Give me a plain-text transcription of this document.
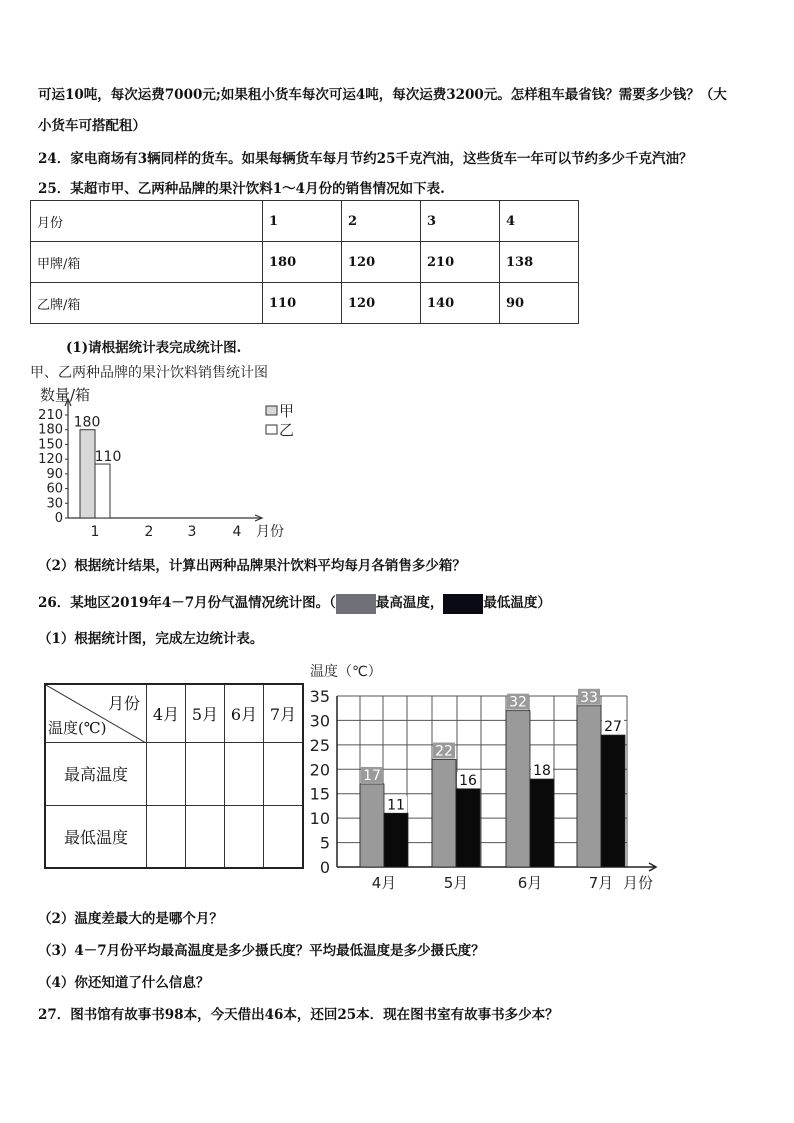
可运10吨，每次运费7000元;如果租小货车每次可运4吨，每次运费3200元。怎样租车最省钱？需要多少钱？（大
小货车可搭配租）
24．家电商场有3辆同样的货车。如果每辆货车每月节约25千克汽油，这些货车一年可以节约多少千克汽油？
25．某超市甲、乙两种品牌的果汁饮料1～4月份的销售情况如下表.
月份	1	2	3	4
甲牌/箱	180	120	210	138
乙牌/箱	110	120	140	90
(1)请根据统计表完成统计图.
甲、乙两种品牌的果汁饮料销售统计图
数量/箱
0
30
60
90
120
150
180
210
1	2 3	4 月份
180
110
甲
乙
（2）根据统计结果，计算出两种品牌果汁饮料平均每月各销售多少箱？
26．某地区2019年4－7月份气温情况统计图。（	最高温度，	最低温度）
（1）根据统计图，完成左边统计表。
月份
温度(℃)	4月	5月	6月	7月
最高温度				
最低温度				
温度（℃）
0
5
10
15
20
25
30
35
17
22
32	33
11
16
18
27
4月	5月	6月	7月 月份
（2）温度差最大的是哪个月？
（3）4－7月份平均最高温度是多少摄氏度？平均最低温度是多少摄氏度？
（4）你还知道了什么信息？
27．图书馆有故事书98本，今天借出46本，还回25本．现在图书室有故事书多少本？
